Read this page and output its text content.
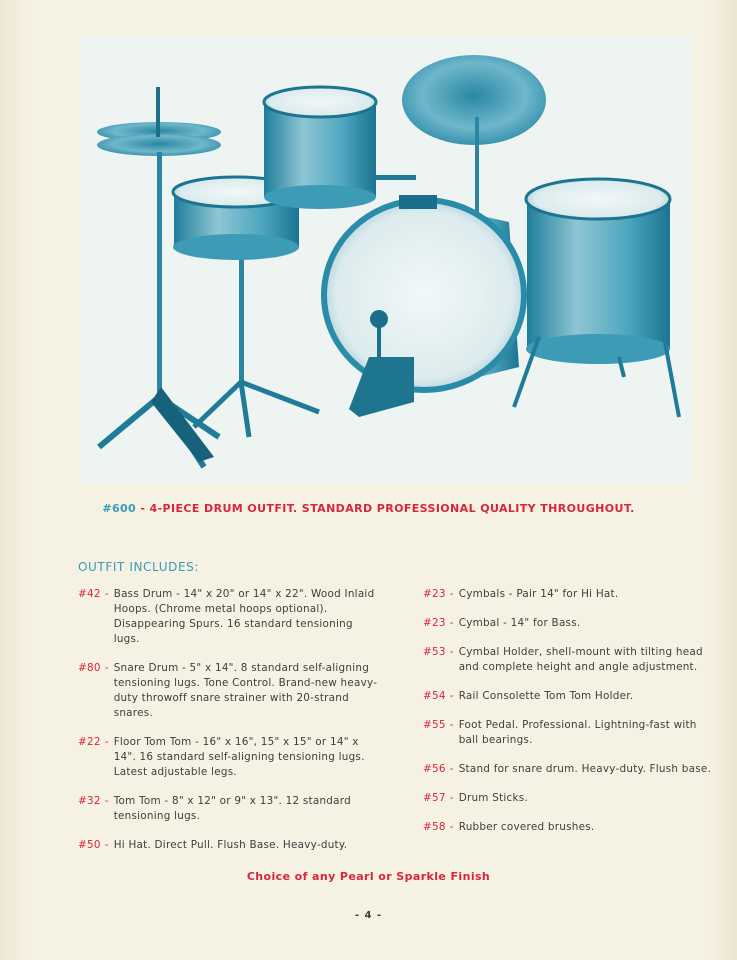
#600 - 4-PIECE DRUM OUTFIT. STANDARD PROFESSIONAL QUALITY THROUGHOUT.
OUTFIT INCLUDES:
#42 - Bass Drum - 14" x 20" or 14" x 22". Wood Inlaid Hoops. (Chrome metal hoops optional). Disappearing Spurs. 16 standard tensioning lugs.
#80 - Snare Drum - 5" x 14". 8 standard self-aligning tensioning lugs. Tone Control. Brand-new heavy-duty throwoff snare strainer with 20-strand snares.
#22 - Floor Tom Tom - 16" x 16", 15" x 15" or 14" x 14". 16 standard self-aligning tensioning lugs. Latest adjustable legs.
#32 - Tom Tom - 8" x 12" or 9" x 13". 12 standard tensioning lugs.
#50 - Hi Hat. Direct Pull. Flush Base. Heavy-duty.
#23 - Cymbals - Pair 14" for Hi Hat.
#23 - Cymbal - 14" for Bass.
#53 - Cymbal Holder, shell-mount with tilting head and complete height and angle adjustment.
#54 - Rail Consolette Tom Tom Holder.
#55 - Foot Pedal. Professional. Lightning-fast with ball bearings.
#56 - Stand for snare drum. Heavy-duty. Flush base.
#57 - Drum Sticks.
#58 - Rubber covered brushes.
Choice of any Pearl or Sparkle Finish
- 4 -
